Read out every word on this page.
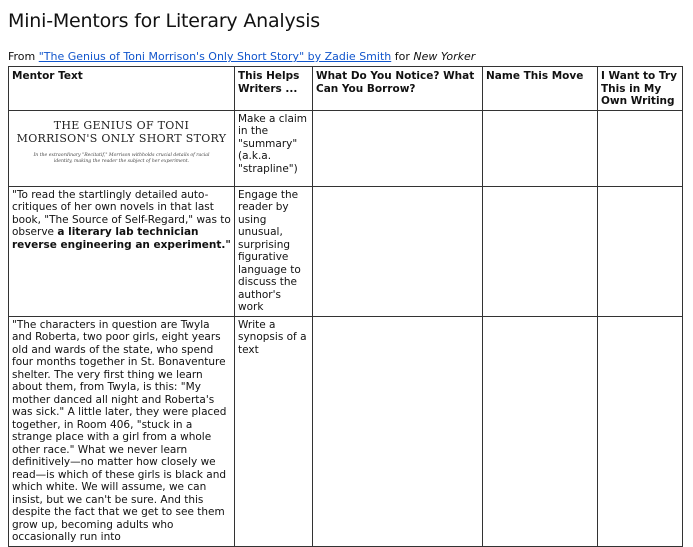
Mini-Mentors for Literary Analysis
From "The Genius of Toni Morrison's Only Short Story" by Zadie Smith for New Yorker
Mentor Text	This Helps Writers ...	What Do You Notice? What Can You Borrow?	Name This Move	I Want to Try This in My Own Writing

THE GENIUS OF TONI MORRISON'S ONLY SHORT STORY
In the extraordinary "Recitatif," Morrison withholds crucial details of racial identity, making the reader the subject of her experiment.	Make a claim in the "summary" (a.k.a. "strapline")			
"To read the startlingly detailed auto-critiques of her own novels in that last book, "The Source of Self-Regard," was to observe a literary lab technician reverse engineering an experiment."	Engage the reader by using unusual, surprising figurative language to discuss the author's work			
"The characters in question are Twyla and Roberta, two poor girls, eight years old and wards of the state, who spend four months together in St. Bonaventure shelter. The very first thing we learn about them, from Twyla, is this: "My mother danced all night and Roberta's was sick." A little later, they were placed together, in Room 406, "stuck in a strange place with a girl from a whole other race." What we never learn definitively—no matter how closely we read—is which of these girls is black and which white. We will assume, we can insist, but we can't be sure. And this despite the fact that we get to see them grow up, becoming adults who occasionally run into	Write a synopsis of a text			
